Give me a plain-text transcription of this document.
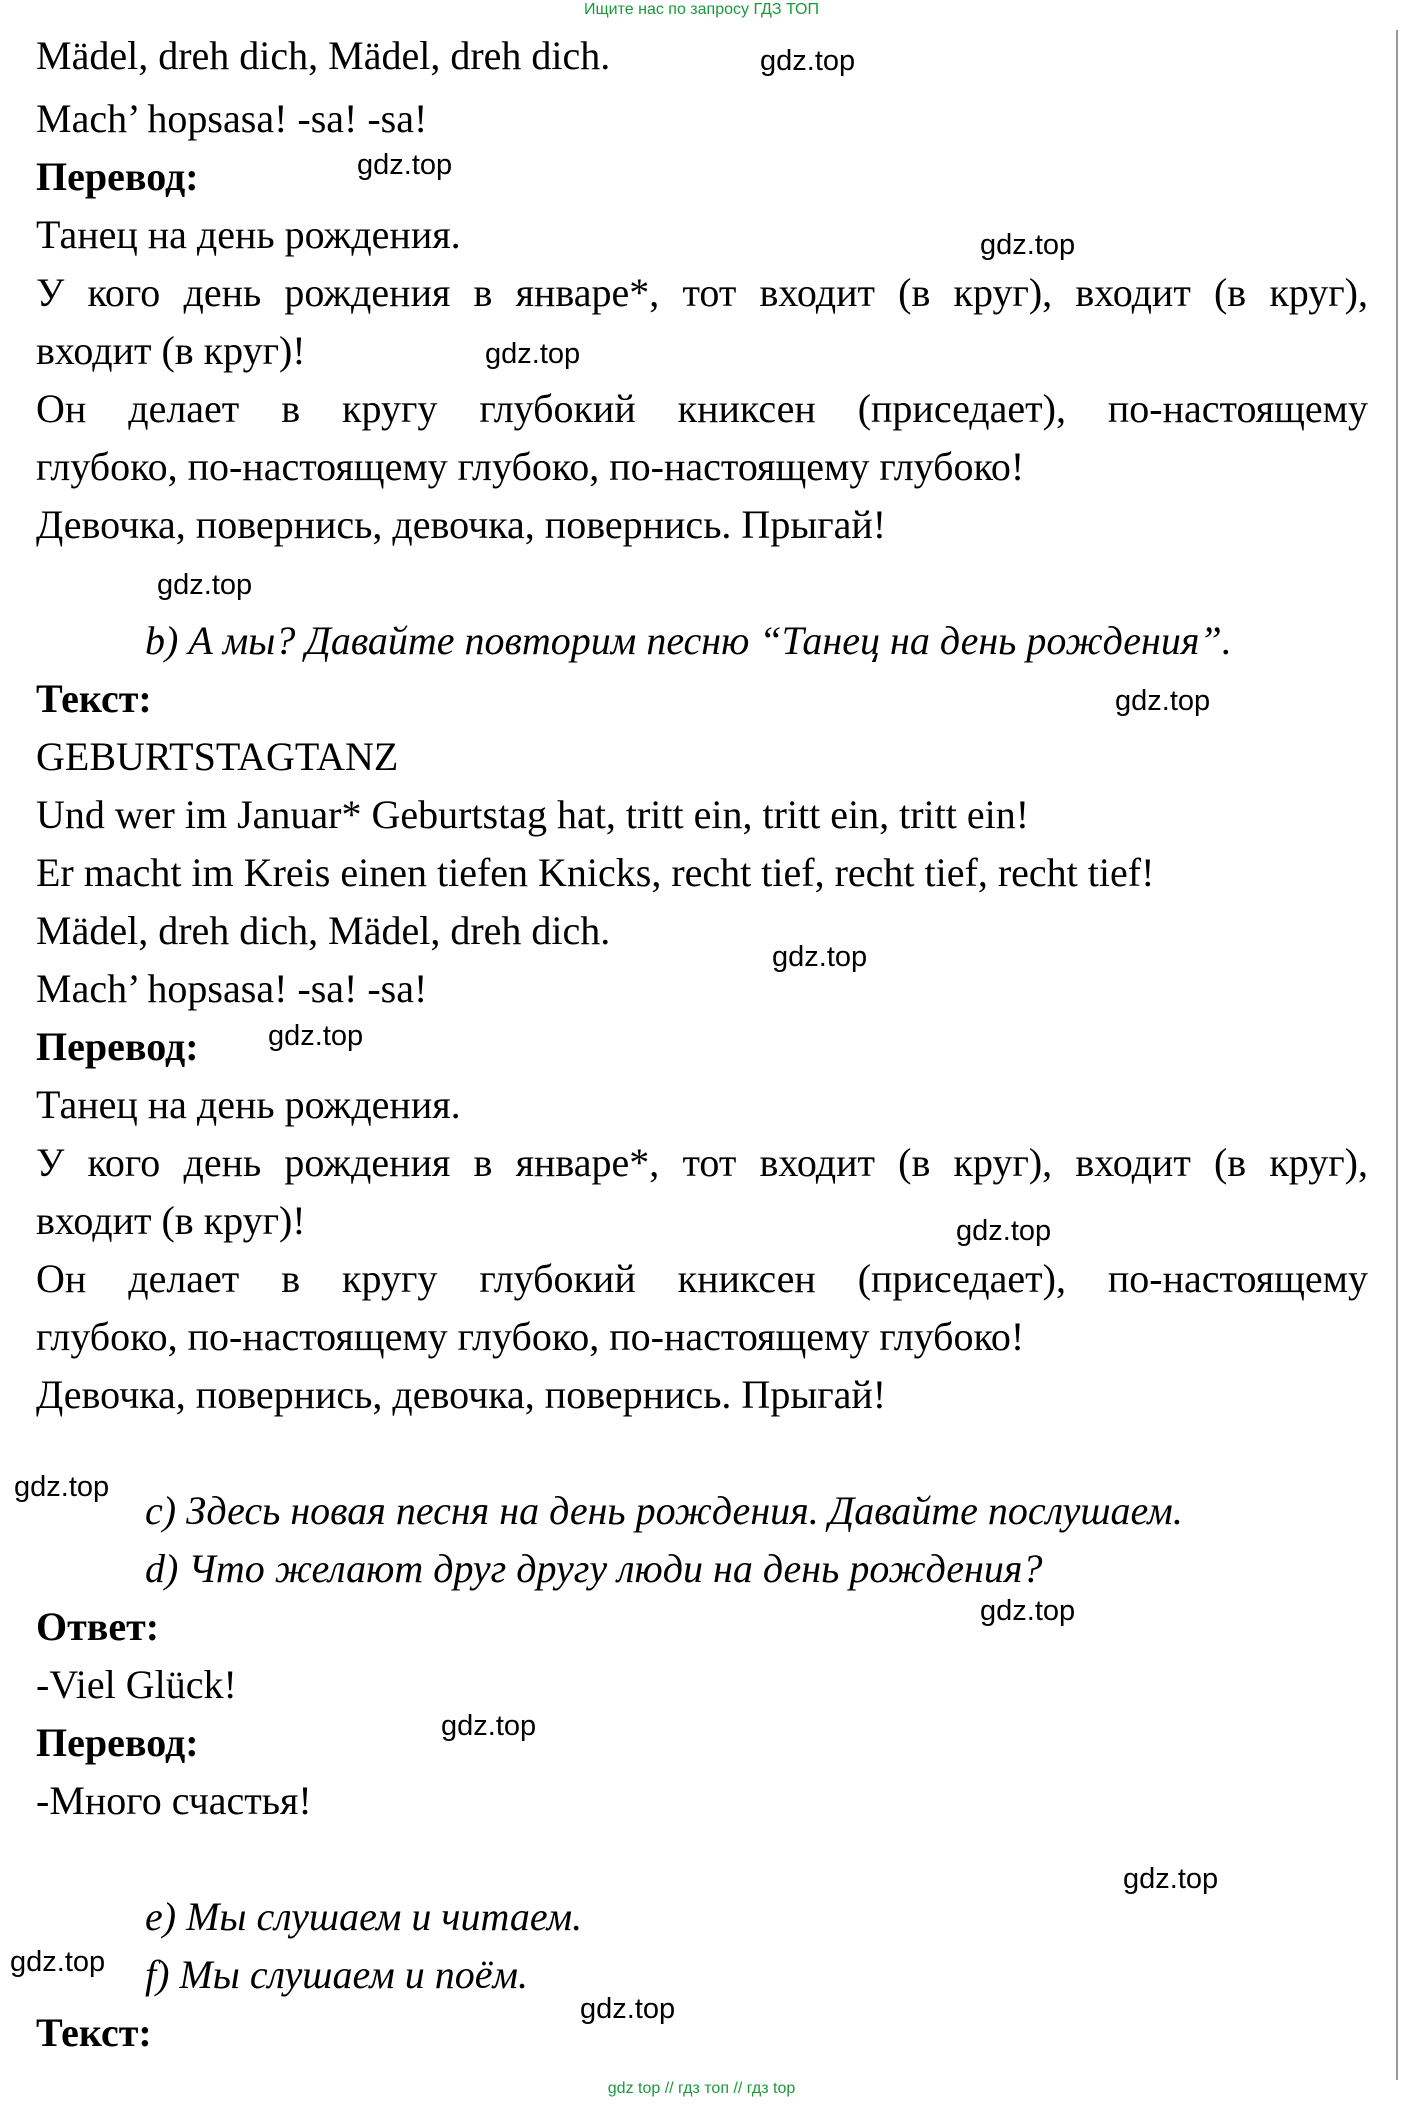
Ищите нас по запросу ГДЗ ТОП
Mädel, dreh dich, Mädel, dreh dich.
Mach’ hopsasa! -sa! -sa!
Перевод:
Танец на день рождения.
У кого день рождения в январе*, тот входит (в круг), входит (в круг),
входит (в круг)!
Он делает в кругу глубокий книксен (приседает), по-настоящему
глубоко, по-настоящему глубоко, по-настоящему глубоко!
Девочка, повернись, девочка, повернись. Прыгай!
b) А мы? Давайте повторим песню “Танец на день рождения”.
Текст:
GEBURTSTAGTANZ
Und wer im Januar* Geburtstag hat, tritt ein, tritt ein, tritt ein!
Er macht im Kreis einen tiefen Knicks, recht tief, recht tief, recht tief!
Mädel, dreh dich, Mädel, dreh dich.
Mach’ hopsasa! -sa! -sa!
Перевод:
Танец на день рождения.
У кого день рождения в январе*, тот входит (в круг), входит (в круг),
входит (в круг)!
Он делает в кругу глубокий книксен (приседает), по-настоящему
глубоко, по-настоящему глубоко, по-настоящему глубоко!
Девочка, повернись, девочка, повернись. Прыгай!
c) Здесь новая песня на день рождения. Давайте послушаем.
d) Что желают друг другу люди на день рождения?
Ответ:
-Viel Glück!
Перевод:
-Много счастья!
e) Мы слушаем и читаем.
f) Мы слушаем и поём.
Текст:
gdz.top
gdz.top
gdz.top
gdz.top
gdz.top
gdz.top
gdz.top
gdz.top
gdz.top
gdz.top
gdz.top
gdz.top
gdz.top
gdz.top
gdz.top
gdz top // гдз топ // гдз top
